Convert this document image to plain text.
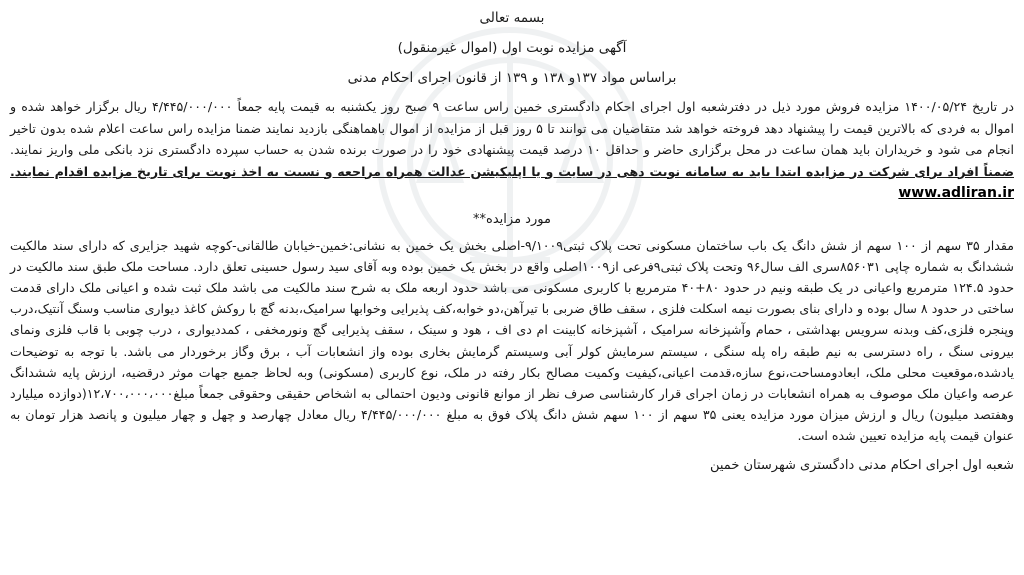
بسمه تعالی
آگهی مزایده نوبت اول (اموال غیرمنقول)
براساس مواد ۱۳۷و ۱۳۸ و ۱۳۹ از قانون اجرای احکام مدنی

در تاریخ ۱۴۰۰/۰۵/۲۴ مزایده فروش مورد ذیل در دفترشعبه اول اجرای احکام دادگستری خمین راس ساعت ۹ صبح روز یکشنبه به قیمت پایه جمعاً ۴/۴۴۵/۰۰۰/۰۰۰ ریال برگزار خواهد شده و اموال به فردی که بالاترین قیمت را پیشنهاد دهد فروخته خواهد شد متقاضیان می توانند تا ۵ روز قبل از مزایده از اموال باهماهنگی بازدید نمایند ضمنا مزایده راس ساعت اعلام شده بدون تاخیر انجام می شود و خریداران باید همان ساعت در محل برگزاری حاضر و حداقل ۱۰ درصد قیمت پیشنهادی خود را در صورت برنده شدن به حساب سپرده دادگستری نزد بانکی ملی واریز نمایند. ضمناً افراد برای شرکت در مزایده ابتدا باید به سامانه نوبت دهی در سایت و یا اپلیکیشن عدالت همراه مراجعه و نسبت به اخذ نوبت برای تاریخ مزایده اقدام نمایند. www.adliran.ir

مورد مزایده**

مقدار ۳۵ سهم از ۱۰۰ سهم از شش دانگ یک باب ساختمان مسکونی تحت پلاک ثبتی۹/۱۰۰۹-اصلی بخش یک خمین به نشانی:خمین-خیابان طالقانی-کوچه شهید جزایری که دارای سند مالکیت ششدانگ به شماره چاپی ۸۵۶۰۳۱سری الف سال۹۶ وتحت پلاک ثبتی۹فرعی از۱۰۰۹اصلی واقع در بخش یک خمین بوده وبه آقای سید رسول حسینی تعلق دارد. مساحت ملک طبق سند مالکیت در حدود ۱۲۴.۵ مترمربع واعیانی در یک طبقه ونیم در حدود ۸۰+۴۰ مترمربع با کاربری مسکونی می باشد حدود اربعه ملک به شرح سند مالکیت می باشد ملک ثبت شده و اعیانی ملک دارای قدمت ساختی در حدود ۸ سال بوده و دارای بنای بصورت نیمه اسکلت فلزی ، سقف طاق ضربی با تیرآهن،دو خوابه،کف پذیرایی وخوابها سرامیک،بدنه گچ با روکش کاغذ دیواری مناسب وسنگ آنتیک،درب وپنجره فلزی،کف وبدنه سرویس بهداشتی ، حمام وآشپزخانه سرامیک ، آشپزخانه کابینت ام دی اف ، هود و سینک ، سقف پذیرایی گچ ونورمخفی ، کمددیواری ، درب چوبی با قاب فلزی ونمای بیرونی سنگ ، راه دسترسی به نیم طبقه راه پله سنگی ، سیستم سرمایش کولر آبی وسیستم گرمایش بخاری بوده واز انشعابات آب ، برق وگاز برخوردار می باشد. با توجه به توضیحات یادشده،موقعیت محلی ملک، ابعادومساحت،نوع سازه،قدمت اعیانی،کیفیت وکمیت مصالح بکار رفته در ملک، نوع کاربری (مسکونی) وبه لحاظ جمیع جهات موثر درقضیه، ارزش پایه ششدانگ عرصه واعیان ملک موصوف به همراه انشعابات در زمان اجرای قرار کارشناسی صرف نظر از موانع قانونی ودیون احتمالی به اشخاص حقیقی وحقوقی جمعاً مبلغ۱۲،۷۰۰،۰۰۰،۰۰۰(دوازده میلیارد وهفتصد میلیون) ریال و ارزش میزان مورد مزایده یعنی ۳۵ سهم از ۱۰۰ سهم شش دانگ پلاک فوق به مبلغ ۴/۴۴۵/۰۰۰/۰۰۰ ریال معادل چهارصد و چهل و چهار میلیون و پانصد هزار تومان به عنوان قیمت پایه مزایده تعیین شده است.

شعبه اول اجرای احکام مدنی دادگستری شهرستان خمین
